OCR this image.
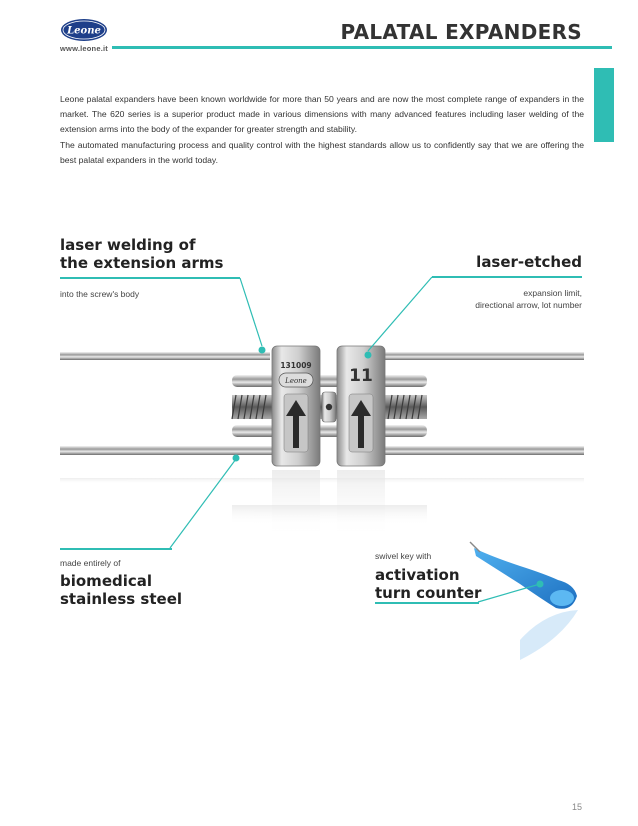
Leone
www.leone.it
PALATAL EXPANDERS

Leone palatal expanders have been known worldwide for more than 50 years and are now the most complete range of expanders in the market. The 620 series is a superior product made in various dimensions with many advanced features including laser welding of the extension arms into the body of the expander for greater strength and stability.

The automated manufacturing process and quality control with the highest standards allow us to confidently say that we are offering the best palatal expanders in the world today.

laser welding of
the extension arms
into the screw's body
laser-etched
expansion limit,
directional arrow, lot number
Leone
131009
11
made entirely of
biomedical
stainless steel
swivel key with
activation
turn counter
15
